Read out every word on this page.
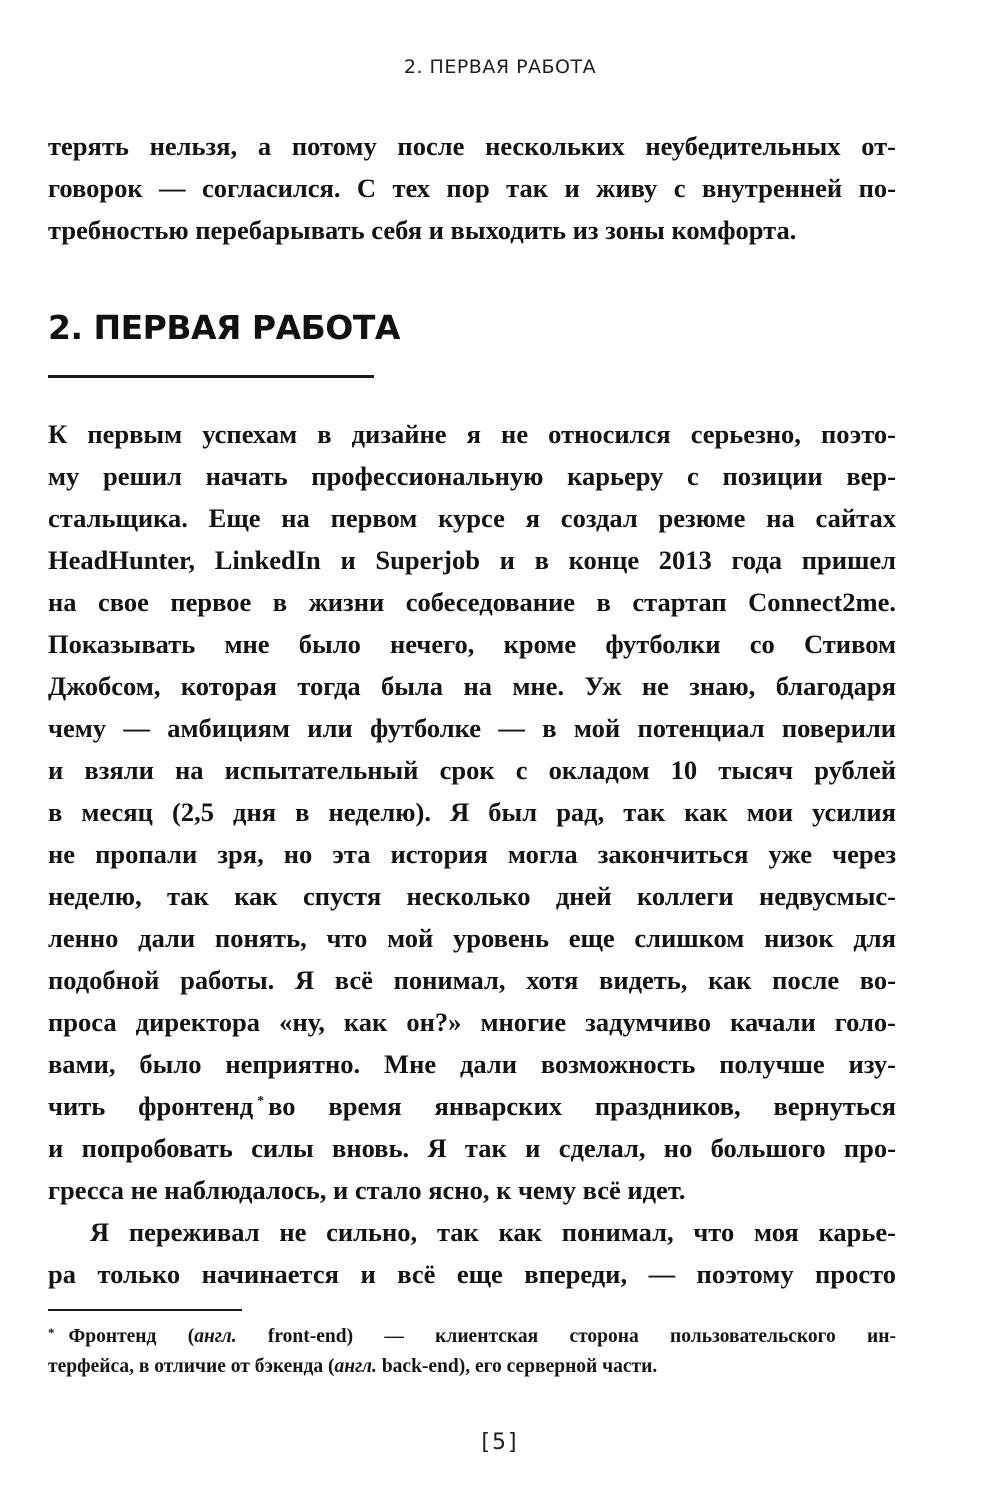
2. ПЕРВАЯ РАБОТА
терять нельзя, а потому после нескольких неубедительных от-
говорок — согласился. С тех пор так и живу с внутренней по-
требностью перебарывать себя и выходить из зоны комфорта.
2. ПЕРВАЯ РАБОТА
К первым успехам в дизайне я не относился серьезно, поэто-
му решил начать профессиональную карьеру с позиции вер-
стальщика. Еще на первом курсе я создал резюме на сайтах
HeadHunter, LinkedIn и Superjob и в конце 2013 года пришел
на свое первое в жизни собеседование в стартап Connect2me.
Показывать мне было нечего, кроме футболки со Стивом
Джобсом, которая тогда была на мне. Уж не знаю, благодаря
чему — амбициям или футболке — в мой потенциал поверили
и взяли на испытательный срок с окладом 10 тысяч рублей
в месяц (2,5 дня в неделю). Я был рад, так как мои усилия
не пропали зря, но эта история могла закончиться уже через
неделю, так как спустя несколько дней коллеги недвусмыс-
ленно дали понять, что мой уровень еще слишком низок для
подобной работы. Я всё понимал, хотя видеть, как после во-
проса директора «ну, как он?» многие задумчиво качали голо-
вами, было неприятно. Мне дали возможность получше изу-
чить фронтенд * во время январских праздников, вернуться
и попробовать силы вновь. Я так и сделал, но большого про-
гресса не наблюдалось, и стало ясно, к чему всё идет.
Я переживал не сильно, так как понимал, что моя карье-
ра только начинается и всё еще впереди, — поэтому просто
* Фронтенд (англ. front-end) — клиентская сторона пользовательского ин-
терфейса, в отличие от бэкенда (англ. back-end), его серверной части.
[5]
